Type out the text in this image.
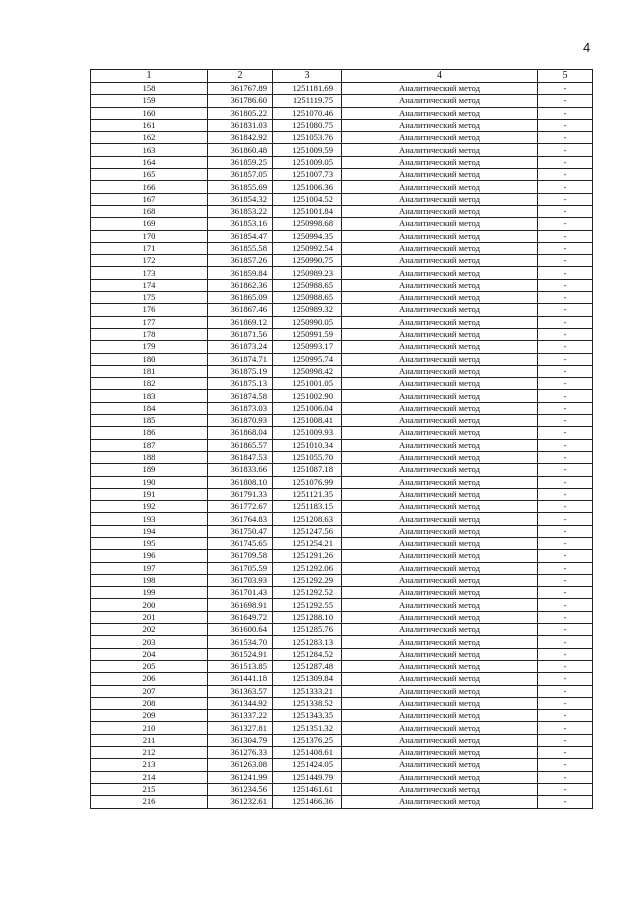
4
1	2	3	4	5
158	361767.89	1251181.69	Аналитический метод	-
159	361786.60	1251119.75	Аналитический метод	-
160	361805.22	1251070.46	Аналитический метод	-
161	361831.03	1251080.75	Аналитический метод	-
162	361842.92	1251053.76	Аналитический метод	-
163	361860.48	1251009.59	Аналитический метод	-
164	361859.25	1251009.05	Аналитический метод	-
165	361857.05	1251007.73	Аналитический метод	-
166	361855.69	1251006.36	Аналитический метод	-
167	361854.32	1251004.52	Аналитический метод	-
168	361853.22	1251001.84	Аналитический метод	-
169	361853.16	1250998.68	Аналитический метод	-
170	361854.47	1250994.35	Аналитический метод	-
171	361855.58	1250992.54	Аналитический метод	-
172	361857.26	1250990.75	Аналитический метод	-
173	361859.84	1250989.23	Аналитический метод	-
174	361862.36	1250988.65	Аналитический метод	-
175	361865.09	1250988.65	Аналитический метод	-
176	361867.46	1250989.32	Аналитический метод	-
177	361869.12	1250990.05	Аналитический метод	-
178	361871.56	1250991.59	Аналитический метод	-
179	361873.24	1250993.17	Аналитический метод	-
180	361874.71	1250995.74	Аналитический метод	-
181	361875.19	1250998.42	Аналитический метод	-
182	361875.13	1251001.05	Аналитический метод	-
183	361874.58	1251002.90	Аналитический метод	-
184	361873.03	1251006.04	Аналитический метод	-
185	361870.93	1251008.41	Аналитический метод	-
186	361868.04	1251009.93	Аналитический метод	-
187	361865.57	1251010.34	Аналитический метод	-
188	361847.53	1251055.70	Аналитический метод	-
189	361833.66	1251087.18	Аналитический метод	-
190	361808.10	1251076.99	Аналитический метод	-
191	361791.33	1251121.35	Аналитический метод	-
192	361772.67	1251183.15	Аналитический метод	-
193	361764.83	1251208.63	Аналитический метод	-
194	361750.47	1251247.56	Аналитический метод	-
195	361745.65	1251254.21	Аналитический метод	-
196	361709.58	1251291.26	Аналитический метод	-
197	361705.59	1251292.06	Аналитический метод	-
198	361703.93	1251292.29	Аналитический метод	-
199	361701.43	1251292.52	Аналитический метод	-
200	361698.91	1251292.55	Аналитический метод	-
201	361649.72	1251288.10	Аналитический метод	-
202	361600.64	1251285.76	Аналитический метод	-
203	361534.70	1251283.13	Аналитический метод	-
204	361524.91	1251284.52	Аналитический метод	-
205	361513.85	1251287.48	Аналитический метод	-
206	361441.18	1251309.84	Аналитический метод	-
207	361363.57	1251333.21	Аналитический метод	-
208	361344.92	1251338.52	Аналитический метод	-
209	361337.22	1251343.35	Аналитический метод	-
210	361327.81	1251351.32	Аналитический метод	-
211	361304.79	1251376.25	Аналитический метод	-
212	361276.33	1251408.61	Аналитический метод	-
213	361263.08	1251424.05	Аналитический метод	-
214	361241.99	1251449.79	Аналитический метод	-
215	361234.56	1251461.61	Аналитический метод	-
216	361232.61	1251466.36	Аналитический метод	-
